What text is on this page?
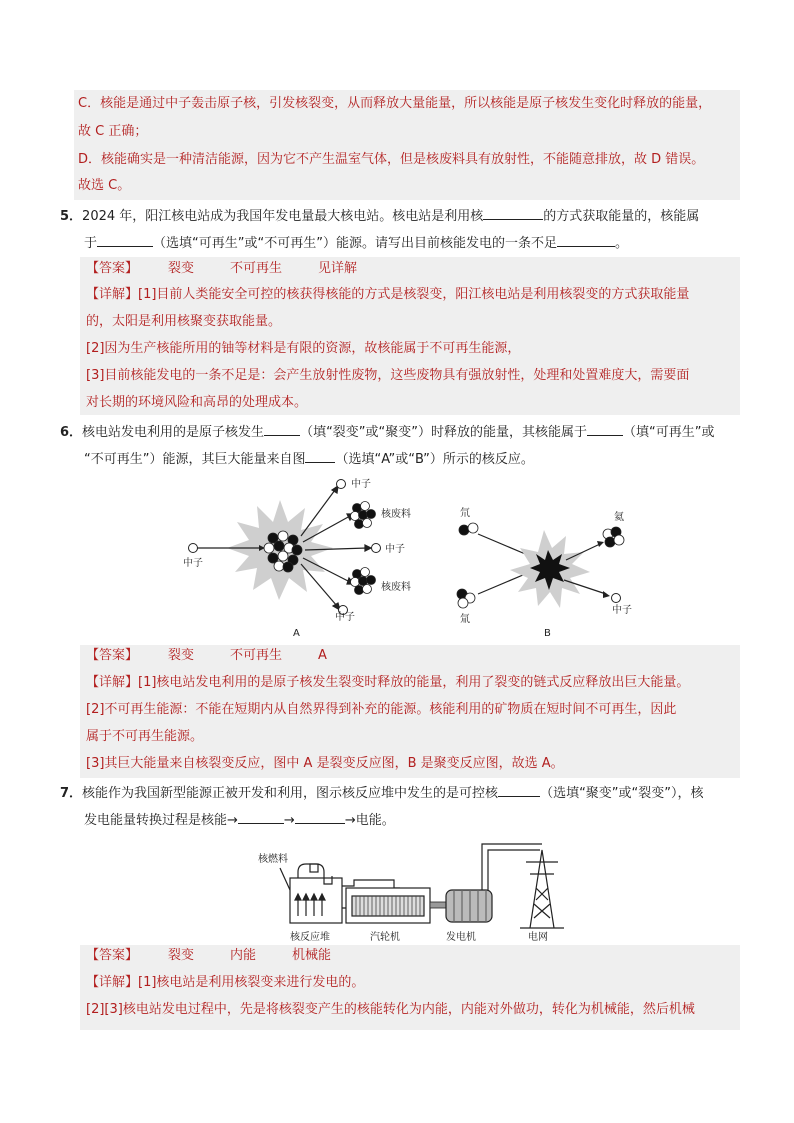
C．核能是通过中子轰击原子核，引发核裂变，从而释放大量能量，所以核能是原子核发生变化时释放的能量，
故 C 正确；
D．核能确实是一种清洁能源，因为它不产生温室气体，但是核废料具有放射性，不能随意排放，故 D 错误。
故选 C。
5．2024 年，阳江核电站成为我国年发电量最大核电站。核电站是利用核	的方式获取能量的，核能属
于	（选填“可再生”或“不可再生”）能源。请写出目前核能发电的一条不足	。
【答案】 裂变	不可再生	见详解
【详解】[1]目前人类能安全可控的核获得核能的方式是核裂变，阳江核电站是利用核裂变的方式获取能量
的，太阳是利用核聚变获取能量。
[2]因为生产核能所用的铀等材料是有限的资源，故核能属于不可再生能源，
[3]目前核能发电的一条不足是：会产生放射性废物，这些废物具有强放射性，处理和处置难度大，需要面
对长期的环境风险和高昂的处理成本。
6．核电站发电利用的是原子核发生	（填“裂变”或“聚变”）时释放的能量，其核能属于	（填“可再生”或
“不可再生”）能源，其巨大能量来自图 （选填“A”或“B”）所示的核反应。
中子
中子
核废料
中子
核废料
中子
A
氘
氚
氦
中子
B
【答案】 裂变	不可再生	A
【详解】[1]核电站发电利用的是原子核发生裂变时释放的能量，利用了裂变的链式反应释放出巨大能量。
[2]不可再生能源：不能在短期内从自然界得到补充的能源。核能利用的矿物质在短时间不可再生，因此
属于不可再生能源。
[3]其巨大能量来自核裂变反应，图中 A 是裂变反应图，B 是聚变反应图，故选 A。
7．核能作为我国新型能源正被开发和利用，图示核反应堆中发生的是可控核	（选填“聚变”或“裂变”），核
发电能量转换过程是核能→	→	→电能。
核燃料
核反应堆	汽轮机	发电机	电网
【答案】 裂变	内能	机械能
【详解】[1]核电站是利用核裂变来进行发电的。
[2][3]核电站发电过程中，先是将核裂变产生的核能转化为内能，内能对外做功，转化为机械能，然后机械
